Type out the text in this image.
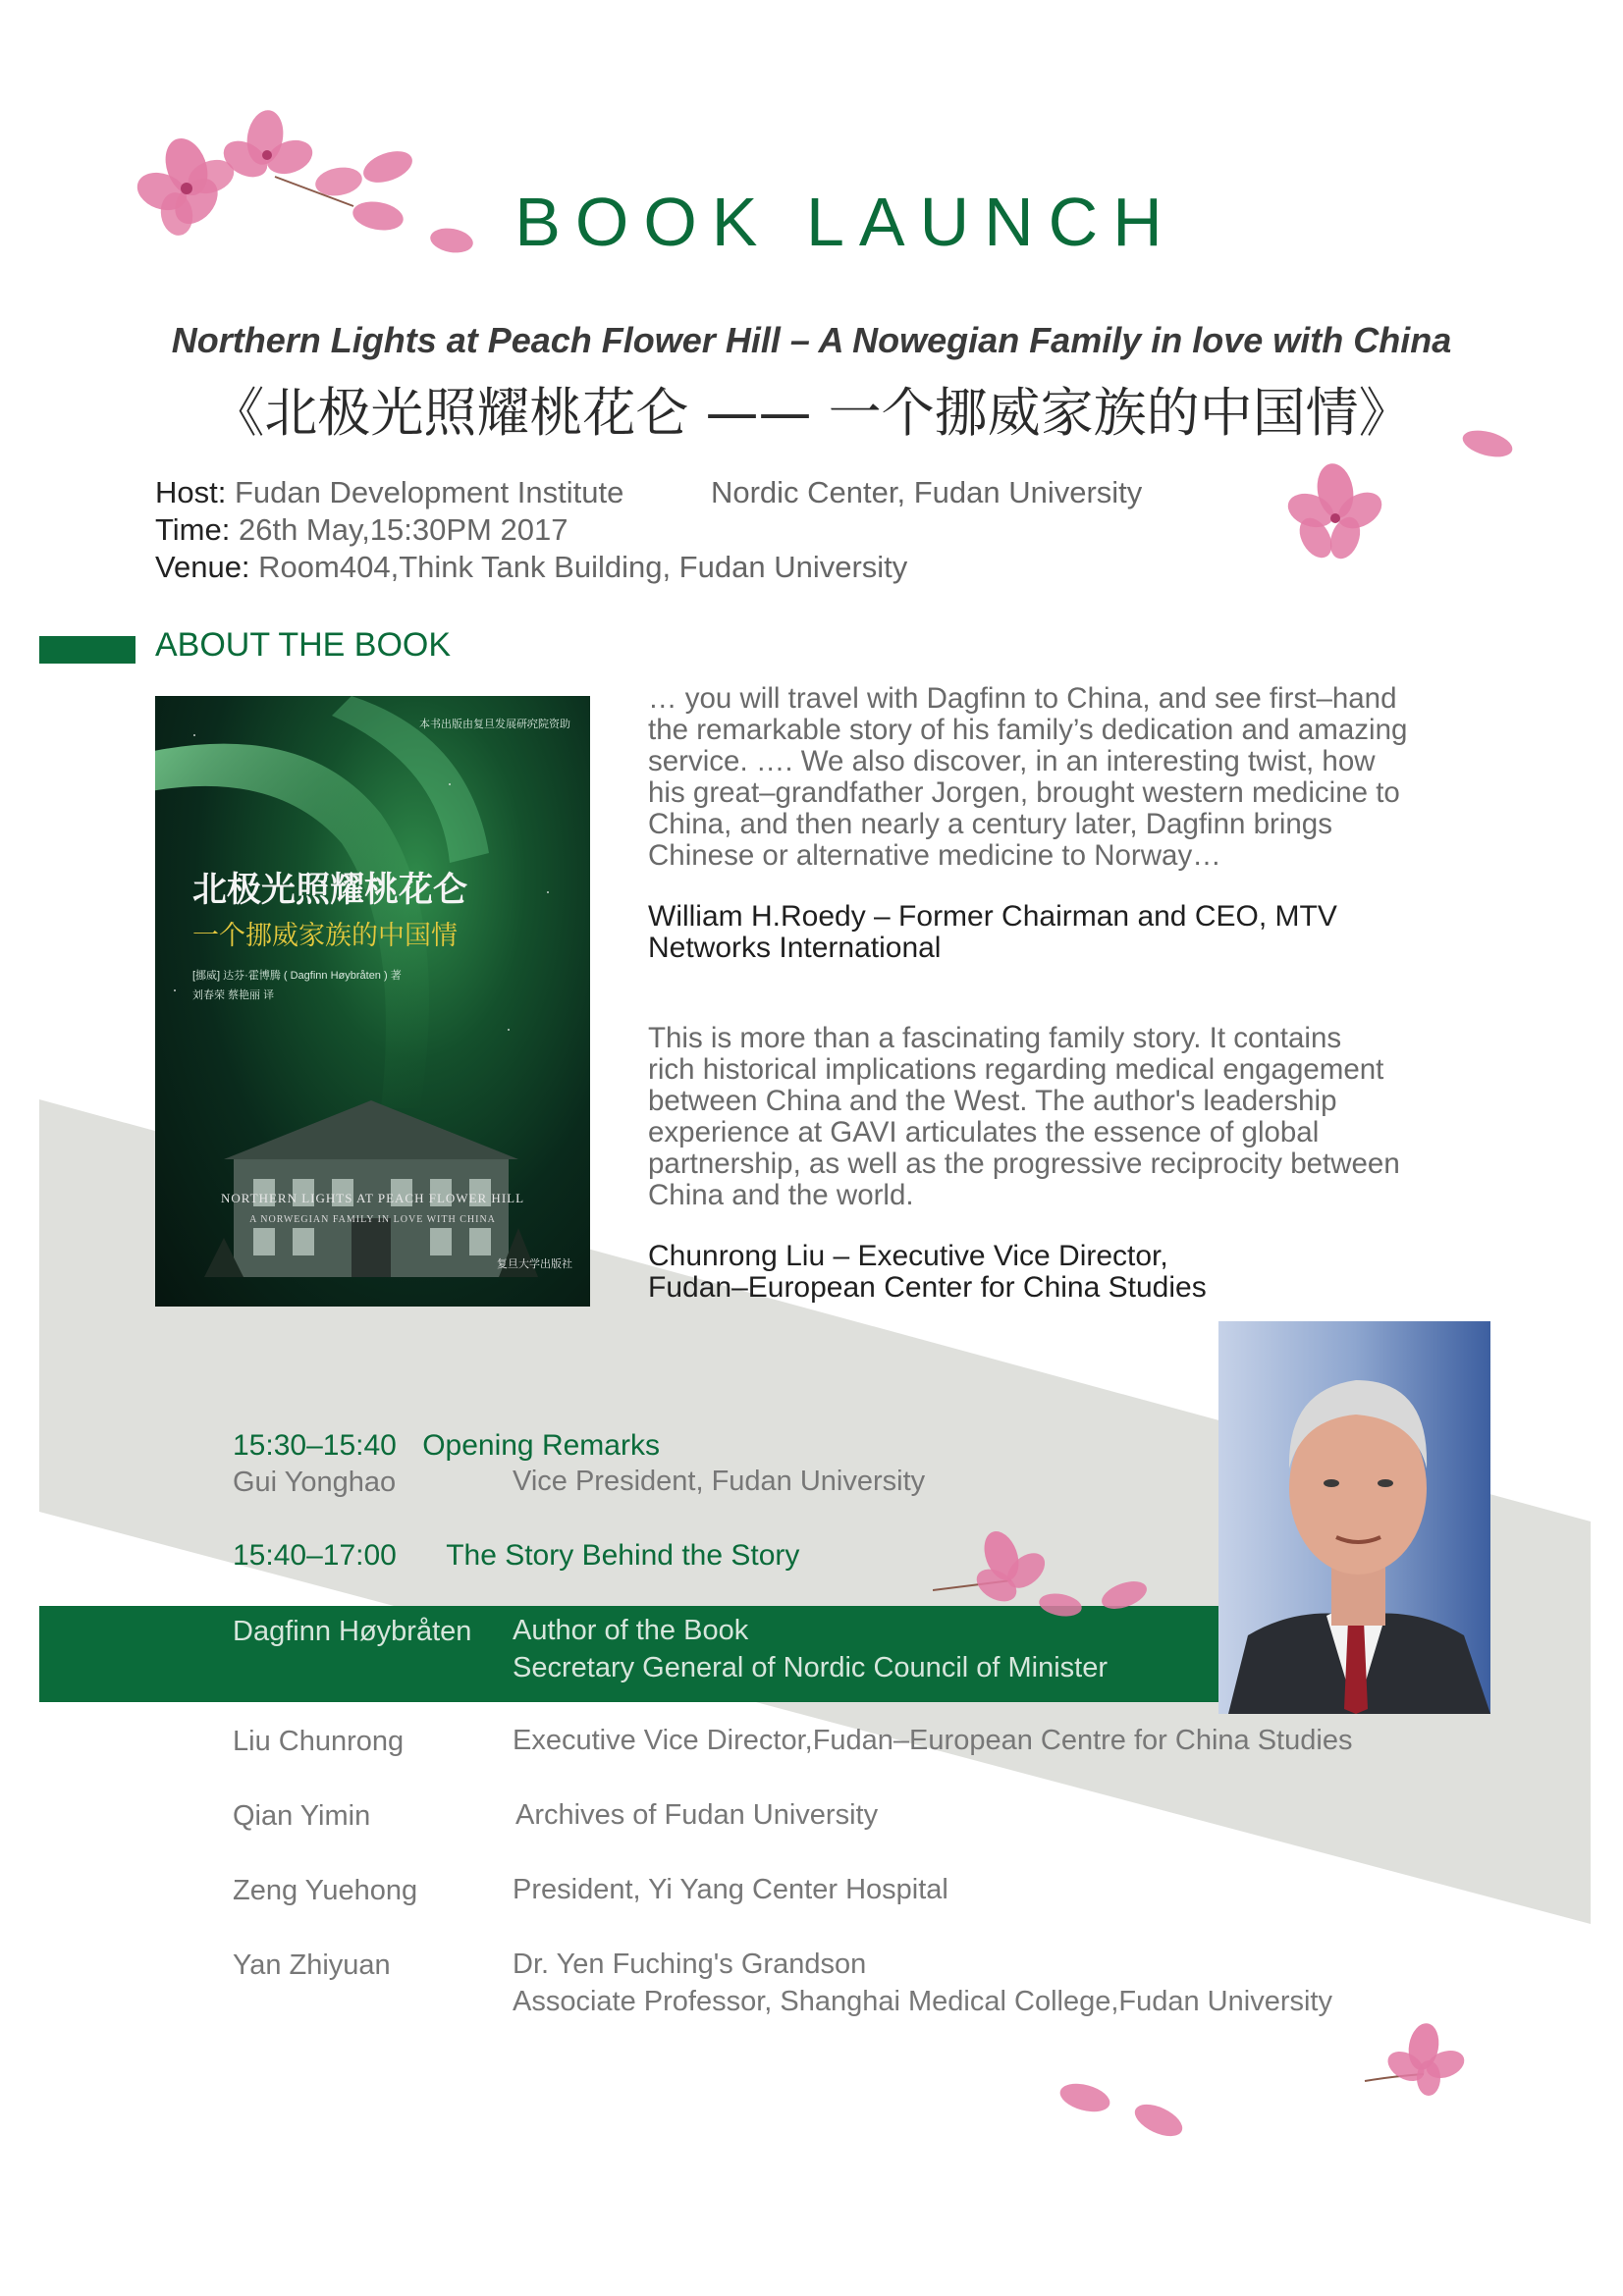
BOOK LAUNCH
Northern Lights at Peach Flower Hill – A Nowegian Family in love with China
《北极光照耀桃花仑 —— 一个挪威家族的中国情》
Host: Fudan Development Institute	Nordic Center, Fudan University
Time: 26th May,15:30PM 2017
Venue: Room404,Think Tank Building, Fudan University
ABOUT THE BOOK
本书出版由复旦发展研究院资助
北极光照耀桃花仑
一个挪威家族的中国情
[挪威] 达芬·霍博腾 ( Dagfinn Høybråten ) 著
刘春荣 蔡艳丽 译
NORTHERN LIGHTS AT PEACH FLOWER HILL
A NORWEGIAN FAMILY IN LOVE WITH CHINA
复旦大学出版社
… you will travel with Dagfinn to China, and see first–hand
the remarkable story of his family’s dedication and amazing
service. …. We also discover, in an interesting twist, how
his great–grandfather Jorgen, brought western medicine to
China, and then nearly a century later, Dagfinn brings
Chinese or alternative medicine to Norway…
William H.Roedy – Former Chairman and CEO, MTV
Networks International
This is more than a fascinating family story. It contains
rich historical implications regarding medical engagement
between China and the West. The author's leadership
experience at GAVI articulates the essence of global
partnership, as well as the progressive reciprocity between
China and the world.
Chunrong Liu – Executive Vice Director,
Fudan–European Center for China Studies
15:30–15:40 Opening Remarks
Gui Yonghao	Vice President, Fudan University
15:40–17:00 The Story Behind the Story
Dagfinn Høybråten Author of the Book
Secretary General of Nordic Council of Minister
Liu Chunrong	Executive Vice Director,Fudan–European Centre for China Studies
Qian Yimin	Archives of Fudan University
Zeng Yuehong	President, Yi Yang Center Hospital
Yan Zhiyuan	Dr. Yen Fuching's Grandson
Associate Professor, Shanghai Medical College,Fudan University
